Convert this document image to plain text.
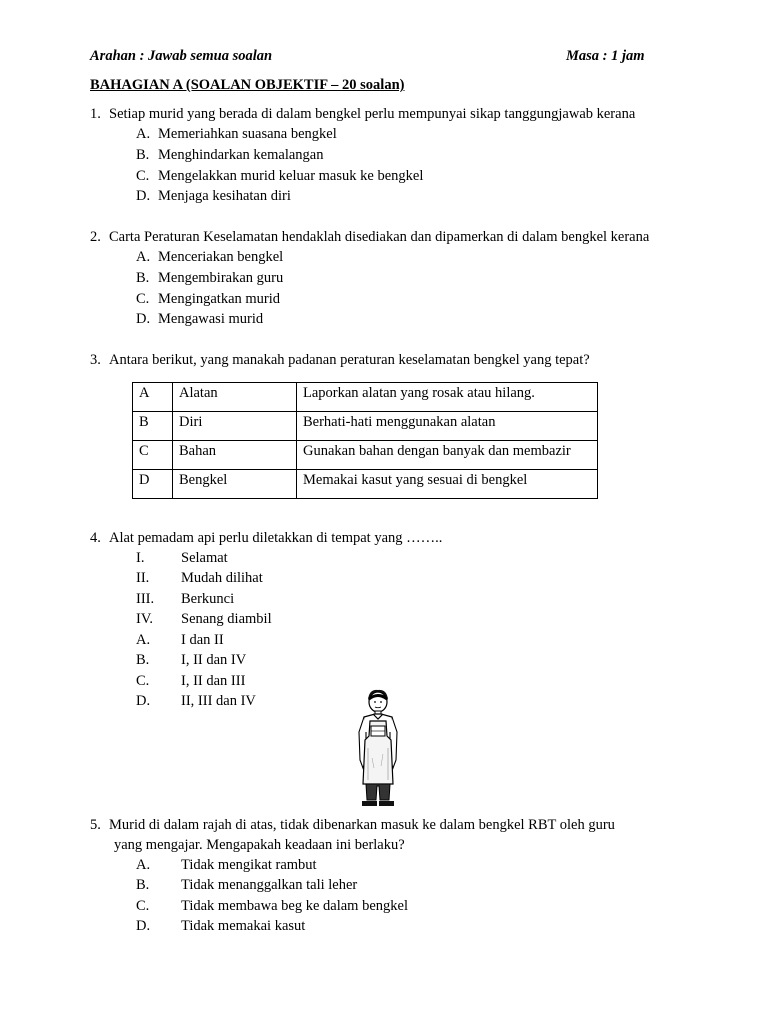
Arahan : Jawab semua soalan	Masa : 1 jam
BAHAGIAN A (SOALAN OBJEKTIF – 20 soalan)
1. Setiap murid yang berada di dalam bengkel perlu mempunyai sikap tanggungjawab kerana
A. Memeriahkan suasana bengkel
B. Menghindarkan kemalangan
C. Mengelakkan murid keluar masuk ke bengkel
D. Menjaga kesihatan diri
2. Carta Peraturan Keselamatan hendaklah disediakan dan dipamerkan di dalam bengkel kerana
A. Menceriakan bengkel
B. Mengembirakan guru
C. Mengingatkan murid
D. Mengawasi murid
3. Antara berikut, yang manakah padanan peraturan keselamatan bengkel yang tepat?
A	Alatan	Laporkan alatan yang rosak atau hilang.
B	Diri	Berhati-hati menggunakan alatan
C	Bahan	Gunakan bahan dengan banyak dan membazir
D	Bengkel	Memakai kasut yang sesuai di bengkel
4. Alat pemadam api perlu diletakkan di tempat yang ……..
I.	Selamat
II. Mudah dilihat
III. Berkunci
IV. Senang diambil
A. I dan II
B. I, II dan IV
C. I, II dan III
D. II, III dan IV
5. Murid di dalam rajah di atas, tidak dibenarkan masuk ke dalam bengkel RBT oleh guru
yang mengajar. Mengapakah keadaan ini berlaku?
A. Tidak mengikat rambut
B. Tidak menanggalkan tali leher
C. Tidak membawa beg ke dalam bengkel
D. Tidak memakai kasut
